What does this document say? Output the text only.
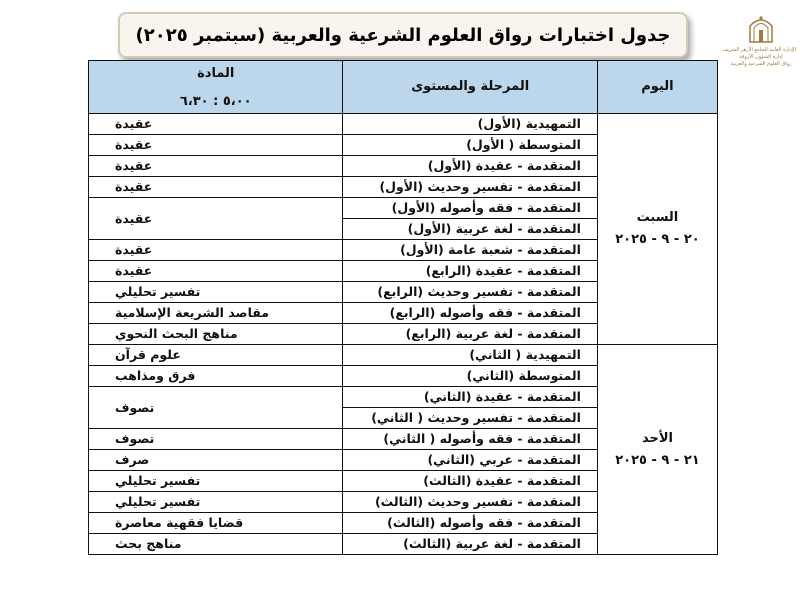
جدول اختبارات رواق العلوم الشرعية والعربية (سبتمبر ٢٠٢٥)
الإدارة العامة للجامع الأزهر الشريف
إدارة الشؤون الأروقة
رواق العلوم الشرعية والعربية
اليوم	المرحلة والمستوى	المادة
٥،٠٠ : ٦،٣٠

السبت
٢٠ - ٩ - ٢٠٢٥	التمهيدية (الأول)	عقيدة
	المتوسطة ( الأول)	عقيدة
	المتقدمة - عقيدة (الأول)	عقيدة
	المتقدمة - تفسير وحديث (الأول)	عقيدة
	المتقدمة - فقه وأصوله (الأول)	عقيدة
	المتقدمة - لغة عربية (الأول)	
	المتقدمة - شعبة عامة (الأول)	عقيدة
	المتقدمة - عقيدة (الرابع)	عقيدة
	المتقدمة - تفسير وحديث (الرابع)	تفسير تحليلي
	المتقدمة - فقه وأصوله (الرابع)	مقاصد الشريعة الإسلامية
	المتقدمة - لغة عربية (الرابع)	مناهج البحث النحوي
الأحد
٢١ - ٩ - ٢٠٢٥	التمهيدية ( الثاني)	علوم قرآن
	المتوسطة (الثاني)	فرق ومذاهب
	المتقدمة - عقيدة (الثاني)	تصوف
	المتقدمة - تفسير وحديث ( الثاني)	
	المتقدمة - فقه وأصوله ( الثاني)	تصوف
	المتقدمة - عربي (الثاني)	صرف
	المتقدمة - عقيدة (الثالث)	تفسير تحليلي
	المتقدمة - تفسير وحديث (الثالث)	تفسير تحليلي
	المتقدمة - فقه وأصوله (الثالث)	قضايا فقهية معاصرة
	المتقدمة - لغة عربية (الثالث)	مناهج بحث
